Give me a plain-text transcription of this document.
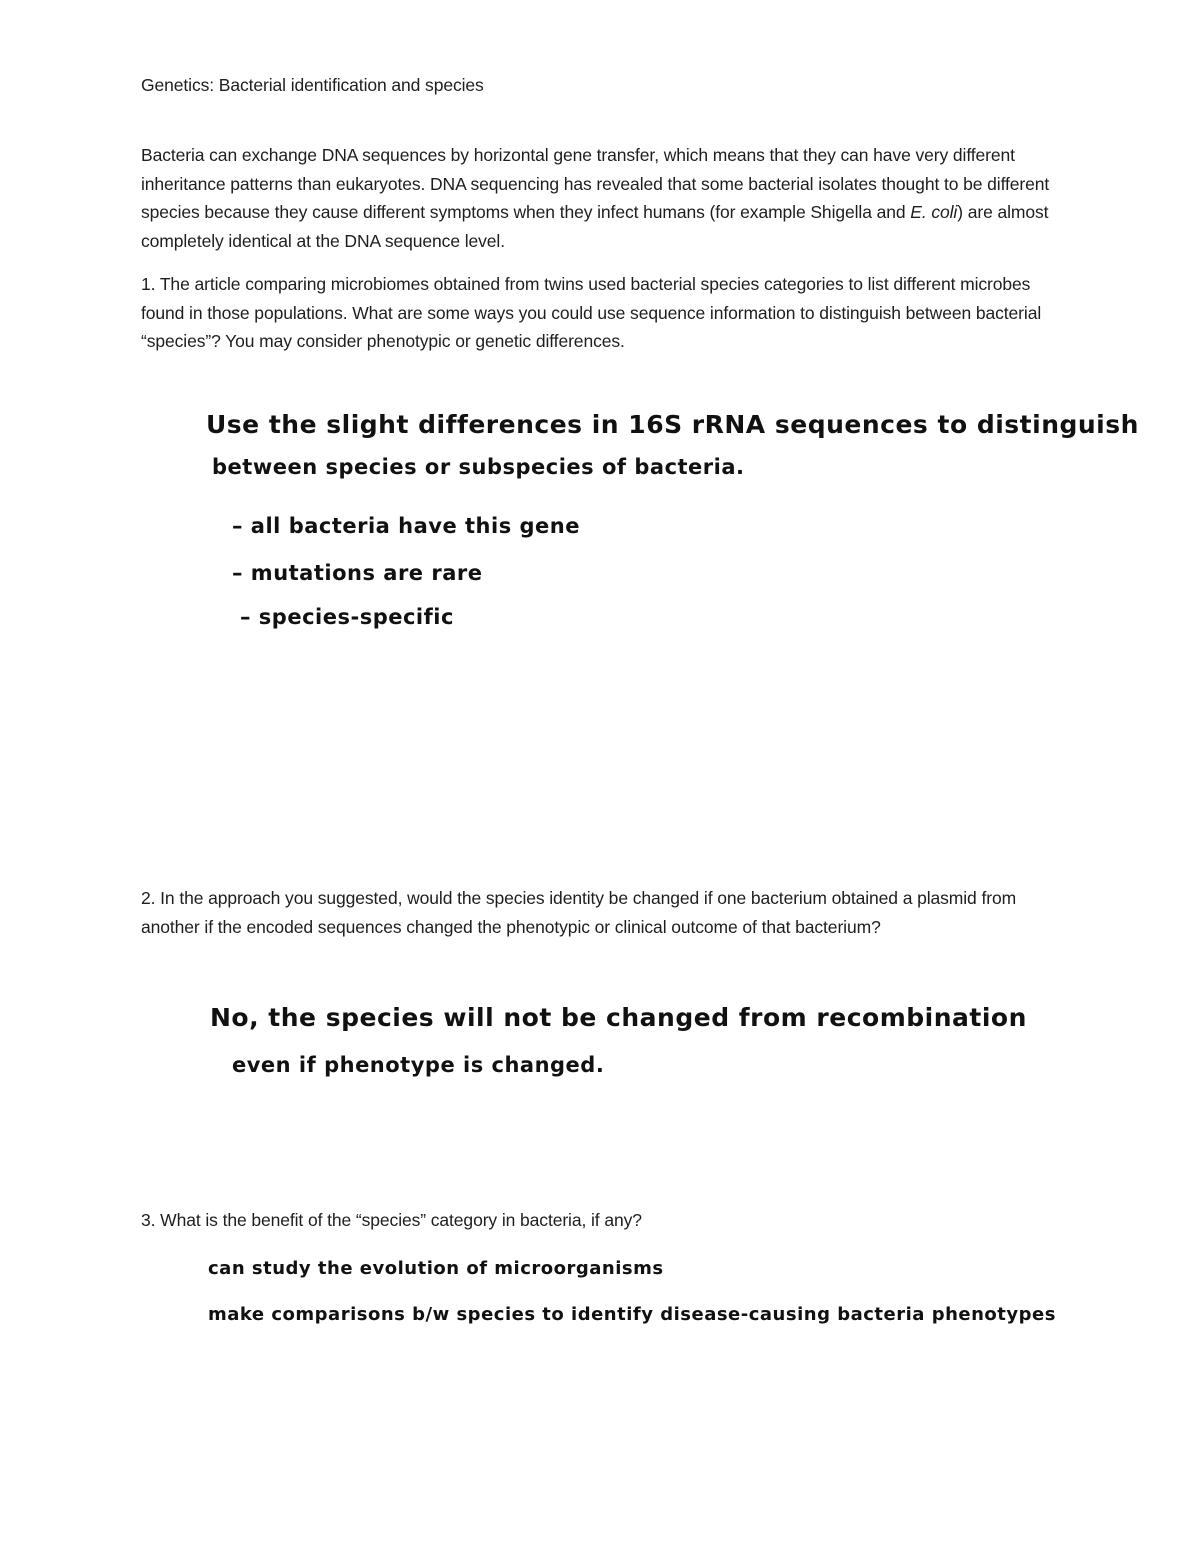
Genetics: Bacterial identification and species

Bacteria can exchange DNA sequences by horizontal gene transfer, which means that they can have very different inheritance patterns than eukaryotes. DNA sequencing has revealed that some bacterial isolates thought to be different species because they cause different symptoms when they infect humans (for example Shigella and E. coli) are almost completely identical at the DNA sequence level.

1. The article comparing microbiomes obtained from twins used bacterial species categories to list different microbes found in those populations. What are some ways you could use sequence information to distinguish between bacterial “species”? You may consider phenotypic or genetic differences.
Use the slight differences in 16S rRNA sequences to distinguish
between species or subspecies of bacteria.
– all bacteria have this gene
– mutations are rare
– species-specific
2. In the approach you suggested, would the species identity be changed if one bacterium obtained a plasmid from another if the encoded sequences changed the phenotypic or clinical outcome of that bacterium?
No, the species will not be changed from recombination
even if phenotype is changed.
3. What is the benefit of the “species” category in bacteria, if any?
can study the evolution of microorganisms
make comparisons b/w species to identify disease-causing bacteria phenotypes
